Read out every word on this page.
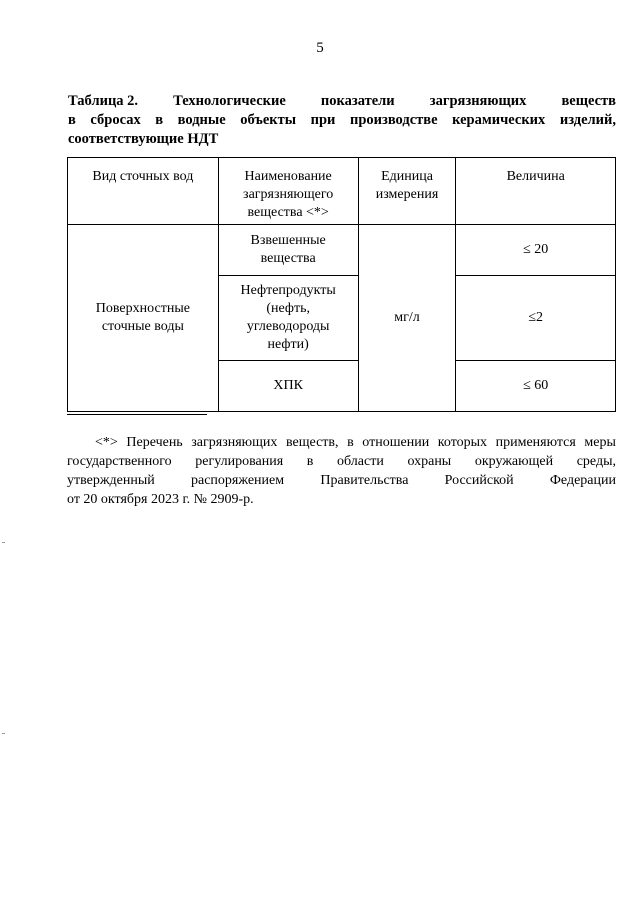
5
Таблица 2. Технологические показатели загрязняющих веществ
в сбросах в водные объекты при производстве керамических изделий,
соответствующие НДТ
Вид сточных вод	Наименование загрязняющего вещества <*>	Единица измерения	Величина
Поверхностные сточные воды	Взвешенные вещества	мг/л	≤ 20
	Нефтепродукты (нефть, углеводороды нефти)		≤2
	ХПК		≤ 60
<*> Перечень загрязняющих веществ, в отношении которых применяются меры
государственного регулирования в области охраны окружающей среды,
утвержденный	распоряжением	Правительства	Российской	Федерации
от 20 октября 2023 г. № 2909-р.
